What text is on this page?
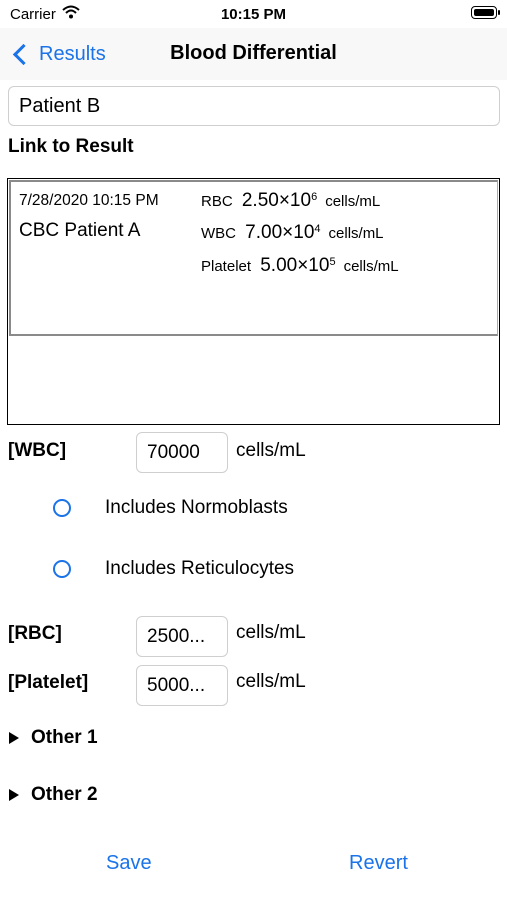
Carrier	10:15 PM
Results	Blood Differential
Patient B
Link to Result
7/28/2020 10:15 PM
CBC Patient A
RBC $2.50\times 10^6$ cells/mL
WBC $7.00\times 10^4$ cells/mL
Platelet $5.00\times 10^5$ cells/mL
[WBC]	70000 cells/mL
Includes Normoblasts
Includes Reticulocytes
[RBC]	2500... cells/mL
[Platelet]	5000... cells/mL
Other 1
Other 2
Save	Revert
